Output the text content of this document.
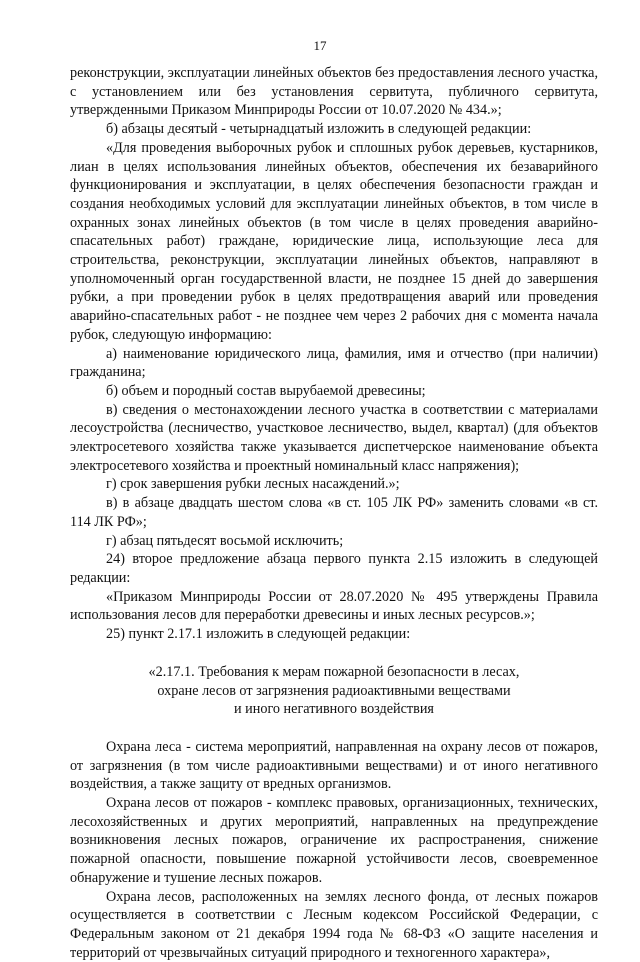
17

реконструкции, эксплуатации линейных объектов без предоставления лесного участка, с установлением или без установления сервитута, публичного сервитута, утвержденными Приказом Минприроды России от 10.07.2020 № 434.»;

б) абзацы десятый - четырнадцатый изложить в следующей редакции:

«Для проведения выборочных рубок и сплошных рубок деревьев, кустарников, лиан в целях использования линейных объектов, обеспечения их безаварийного функционирования и эксплуатации, в целях обеспечения безопасности граждан и создания необходимых условий для эксплуатации линейных объектов, в том числе в охранных зонах линейных объектов (в том числе в целях проведения аварийно-спасательных работ) граждане, юридические лица, использующие леса для строительства, реконструкции, эксплуатации линейных объектов, направляют в уполномоченный орган государственной власти, не позднее 15 дней до завершения рубки, а при проведении рубок в целях предотвращения аварий или проведения аварийно-спасательных работ - не позднее чем через 2 рабочих дня с момента начала рубок, следующую информацию:

а) наименование юридического лица, фамилия, имя и отчество (при наличии) гражданина;

б) объем и породный состав вырубаемой древесины;

в) сведения о местонахождении лесного участка в соответствии с материалами лесоустройства (лесничество, участковое лесничество, выдел, квартал) (для объектов электросетевого хозяйства также указывается диспетчерское наименование объекта электросетевого хозяйства и проектный номинальный класс напряжения);

г) срок завершения рубки лесных насаждений.»;

в) в абзаце двадцать шестом слова «в ст. 105 ЛК РФ» заменить словами «в ст. 114 ЛК РФ»;

г) абзац пятьдесят восьмой исключить;

24) второе предложение абзаца первого пункта 2.15 изложить в следующей редакции:

«Приказом Минприроды России от 28.07.2020 № 495 утверждены Правила использования лесов для переработки древесины и иных лесных ресурсов.»;

25) пункт 2.17.1 изложить в следующей редакции:

«2.17.1. Требования к мерам пожарной безопасности в лесах,
охране лесов от загрязнения радиоактивными веществами
и иного негативного воздействия

Охрана леса - система мероприятий, направленная на охрану лесов от пожаров, от загрязнения (в том числе радиоактивными веществами) и от иного негативного воздействия, а также защиту от вредных организмов.

Охрана лесов от пожаров - комплекс правовых, организационных, технических, лесохозяйственных и других мероприятий, направленных на предупреждение возникновения лесных пожаров, ограничение их распространения, снижение пожарной опасности, повышение пожарной устойчивости лесов, своевременное обнаружение и тушение лесных пожаров.

Охрана лесов, расположенных на землях лесного фонда, от лесных пожаров осуществляется в соответствии с Лесным кодексом Российской Федерации, с Федеральным законом от 21 декабря 1994 года № 68-ФЗ «О защите населения и территорий от чрезвычайных ситуаций природного и техногенного характера»,
